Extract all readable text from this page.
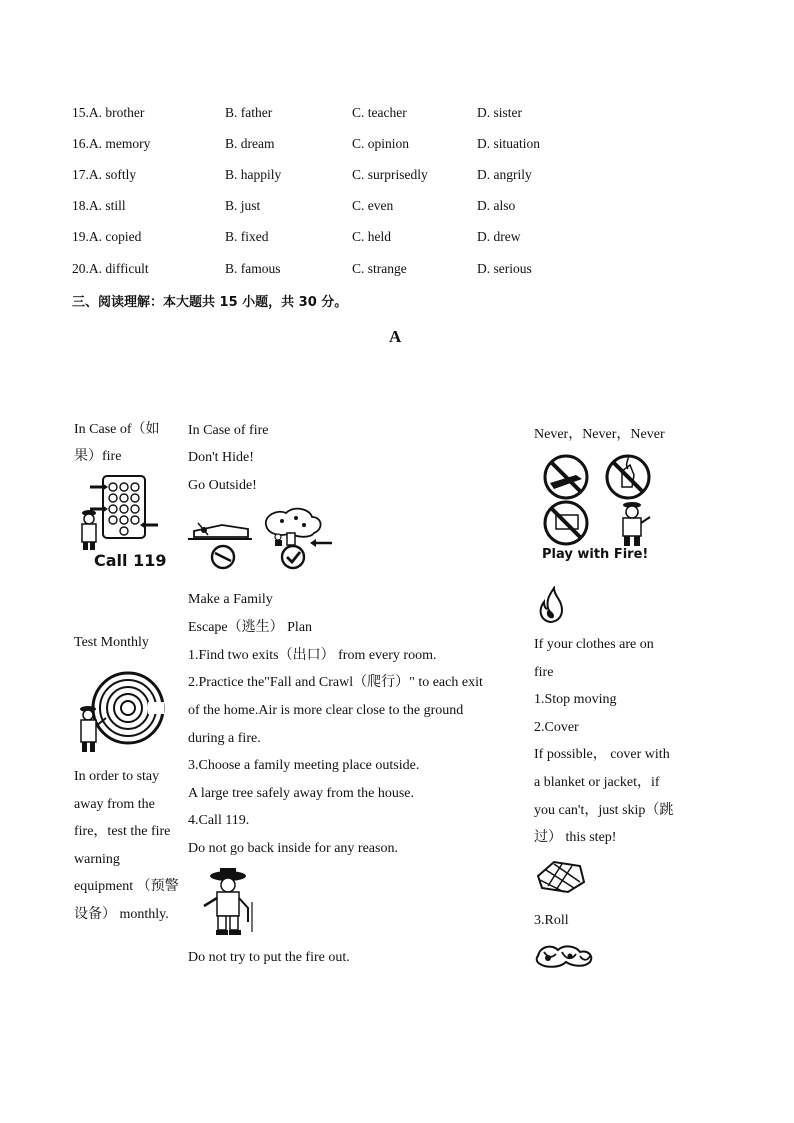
15.A. brother	B. father	C. teacher	D. sister
16.A. memory	B. dream	C. opinion	D. situation
17.A. softly	B. happily	C. surprisedly	D. angrily
18.A. still	B. just	C. even	D. also
19.A. copied	B. fixed	C. held	D. drew
20.A. difficult	B. famous	C. strange	D. serious
三、阅读理解：本大题共 15 小题，共 30 分。
A
In Case of（如
果）fire
Call 119
Test Monthly
In order to stay
away from the
fire，test the fire
warning
equipment （预警
设备） monthly.
In Case of fire
Don't Hide!
Go Outside!
Make a Family
Escape（逃生） Plan
1.Find two exits（出口） from every room.
2.Practice the"Fall and Crawl（爬行）" to each exit
of the home.Air is more clear close to the ground
during a fire.
3.Choose a family meeting place outside.
A large tree safely away from the house.
4.Call 119.
Do not go back inside for any reason.
Do not try to put the fire out.
Never，Never，Never
Play with Fire!
If your clothes are on
fire
1.Stop moving
2.Cover
If possible， cover with
a blanket or jacket，if
you can't，just skip（跳
过） this step!
3.Roll
